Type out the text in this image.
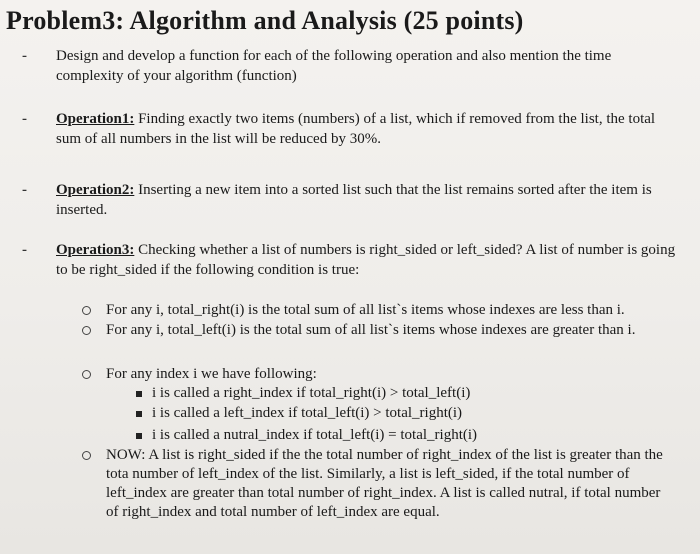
Problem3: Algorithm and Analysis (25 points)
- Design and develop a function for each of the following operation and also mention the time complexity of your algorithm (function)
- Operation1: Finding exactly two items (numbers) of a list, which if removed from the list, the total sum of all numbers in the list will be reduced by 30%.
- Operation2: Inserting a new item into a sorted list such that the list remains sorted after the item is inserted.
- Operation3: Checking whether a list of numbers is right_sided or left_sided? A list of number is going to be right_sided if the following condition is true:
For any i, total_right(i) is the total sum of all list`s items whose indexes are less than i.
For any i, total_left(i) is the total sum of all list`s items whose indexes are greater than i.
For any index i we have following:
i is called a right_index if total_right(i) > total_left(i)
i is called a left_index if total_left(i) > total_right(i)
i is called a nutral_index if total_left(i) = total_right(i)
NOW: A list is right_sided if the the total number of right_index of the list is greater than the tota number of left_index of the list. Similarly, a list is left_sided, if the total number of left_index are greater than total number of right_index. A list is called nutral, if total number of right_index and total number of left_index are equal.
